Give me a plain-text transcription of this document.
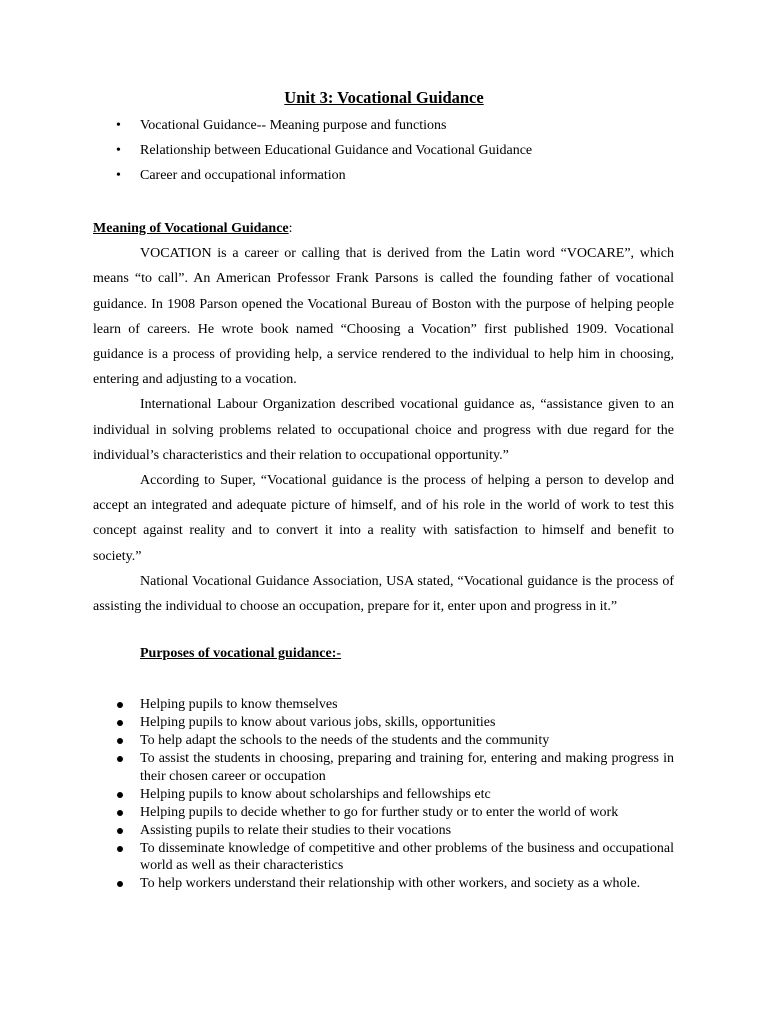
Unit 3: Vocational Guidance
• Vocational Guidance-- Meaning purpose and functions
• Relationship between Educational Guidance and Vocational Guidance
• Career and occupational information

Meaning of Vocational Guidance:

VOCATION is a career or calling that is derived from the Latin word “VOCARE”, which means “to call”. An American Professor Frank Parsons is called the founding father of vocational guidance. In 1908 Parson opened the Vocational Bureau of Boston with the purpose of helping people learn of careers. He wrote book named “Choosing a Vocation” first published 1909. Vocational guidance is a process of providing help, a service rendered to the individual to help him in choosing, entering and adjusting to a vocation.

International Labour Organization described vocational guidance as, “assistance given to an individual in solving problems related to occupational choice and progress with due regard for the individual’s characteristics and their relation to occupational opportunity.”

According to Super, “Vocational guidance is the process of helping a person to develop and accept an integrated and adequate picture of himself, and of his role in the world of work to test this concept against reality and to convert it into a reality with satisfaction to himself and benefit to society.”

National Vocational Guidance Association, USA stated, “Vocational guidance is the process of assisting the individual to choose an occupation, prepare for it, enter upon and progress in it.”

Purposes of vocational guidance:-
Helping pupils to know themselves
Helping pupils to know about various jobs, skills, opportunities
To help adapt the schools to the needs of the students and the community
To assist the students in choosing, preparing and training for, entering and making progress in their chosen career or occupation
Helping pupils to know about scholarships and fellowships etc
Helping pupils to decide whether to go for further study or to enter the world of work
Assisting pupils to relate their studies to their vocations
To disseminate knowledge of competitive and other problems of the business and occupational world as well as their characteristics
To help workers understand their relationship with other workers, and society as a whole.
